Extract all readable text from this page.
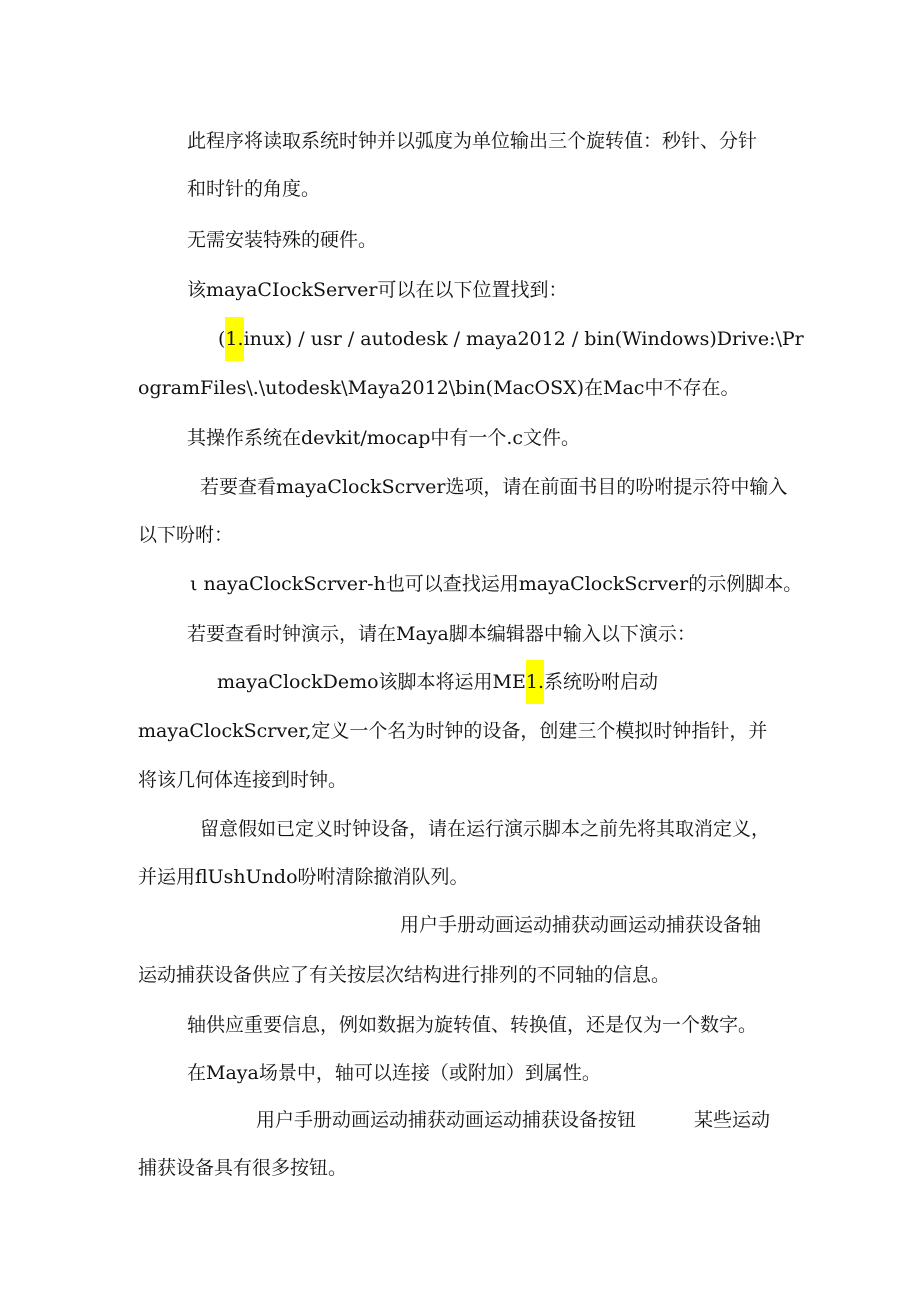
此程序将读取系统时钟并以弧度为单位输出三个旋转值：秒针、分针

和时针的角度。

无需安装特殊的硬件。

该mayaCIockServer可以在以下位置找到：

(1.inux) / usr / autodesk / maya2012 / bin(Windows)Drive:\Pr

ogramFiles\.\utodesk\Maya2012\bin(MacOSX)在Mac中不存在。

其操作系统在devkit/mocap中有一个.c文件。

若要查看mayaClockScrver选项，请在前面书目的吩咐提示符中输入

以下吩咐：

ι nayaClockScrver-h也可以查找运用mayaClockScrver的示例脚本。

若要查看时钟演示，请在Maya脚本编辑器中输入以下演示：

mayaClockDemo该脚本将运用ME1.系统吩咐启动

mayaClockScrver,定义一个名为时钟的设备，创建三个模拟时钟指针，并

将该几何体连接到时钟。

留意假如已定义时钟设备，请在运行演示脚本之前先将其取消定义，

并运用flUshUndo吩咐清除撤消队列。

用户手册动画运动捕获动画运动捕获设备轴

运动捕获设备供应了有关按层次结构进行排列的不同轴的信息。

轴供应重要信息，例如数据为旋转值、转换值，还是仅为一个数字。

在Maya场景中，轴可以连接（或附加）到属性。

用户手册动画运动捕获动画运动捕获设备按钮	某些运动

捕获设备具有很多按钮。
